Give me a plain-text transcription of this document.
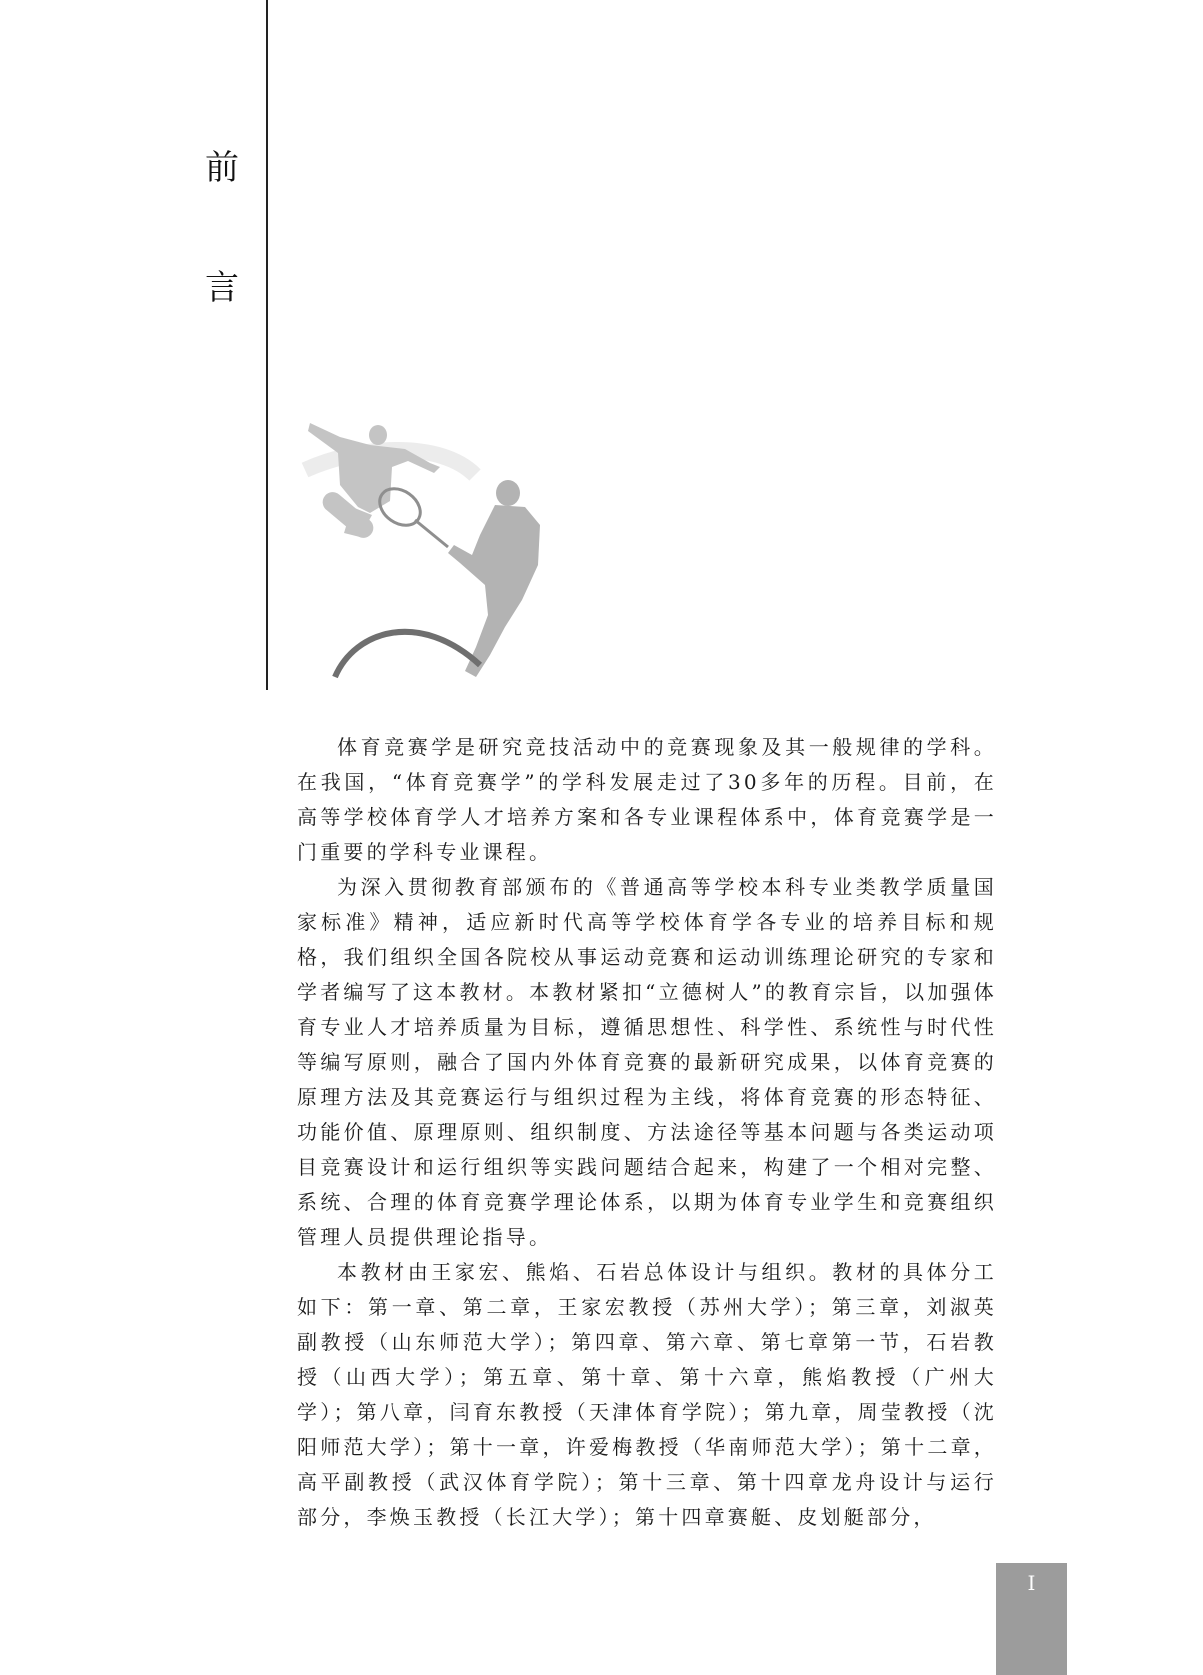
前
言

体育竞赛学是研究竞技活动中的竞赛现象及其一般规律的学科。在我国，“体育竞赛学”的学科发展走过了30多年的历程。目前，在高等学校体育学人才培养方案和各专业课程体系中，体育竞赛学是一门重要的学科专业课程。

为深入贯彻教育部颁布的《普通高等学校本科专业类教学质量国家标准》精神，适应新时代高等学校体育学各专业的培养目标和规格，我们组织全国各院校从事运动竞赛和运动训练理论研究的专家和学者编写了这本教材。本教材紧扣“立德树人”的教育宗旨，以加强体育专业人才培养质量为目标，遵循思想性、科学性、系统性与时代性等编写原则，融合了国内外体育竞赛的最新研究成果，以体育竞赛的原理方法及其竞赛运行与组织过程为主线，将体育竞赛的形态特征、功能价值、原理原则、组织制度、方法途径等基本问题与各类运动项目竞赛设计和运行组织等实践问题结合起来，构建了一个相对完整、系统、合理的体育竞赛学理论体系，以期为体育专业学生和竞赛组织管理人员提供理论指导。

本教材由王家宏、熊焰、石岩总体设计与组织。教材的具体分工如下：第一章、第二章，王家宏教授（苏州大学）；第三章，刘淑英副教授（山东师范大学）；第四章、第六章、第七章第一节，石岩教授（山西大学）；第五章、第十章、第十六章，熊焰教授（广州大学）；第八章，闫育东教授（天津体育学院）；第九章，周莹教授（沈阳师范大学）；第十一章，许爱梅教授（华南师范大学）；第十二章，高平副教授（武汉体育学院）；第十三章、第十四章龙舟设计与运行部分，李焕玉教授（长江大学）；第十四章赛艇、皮划艇部分，

I
